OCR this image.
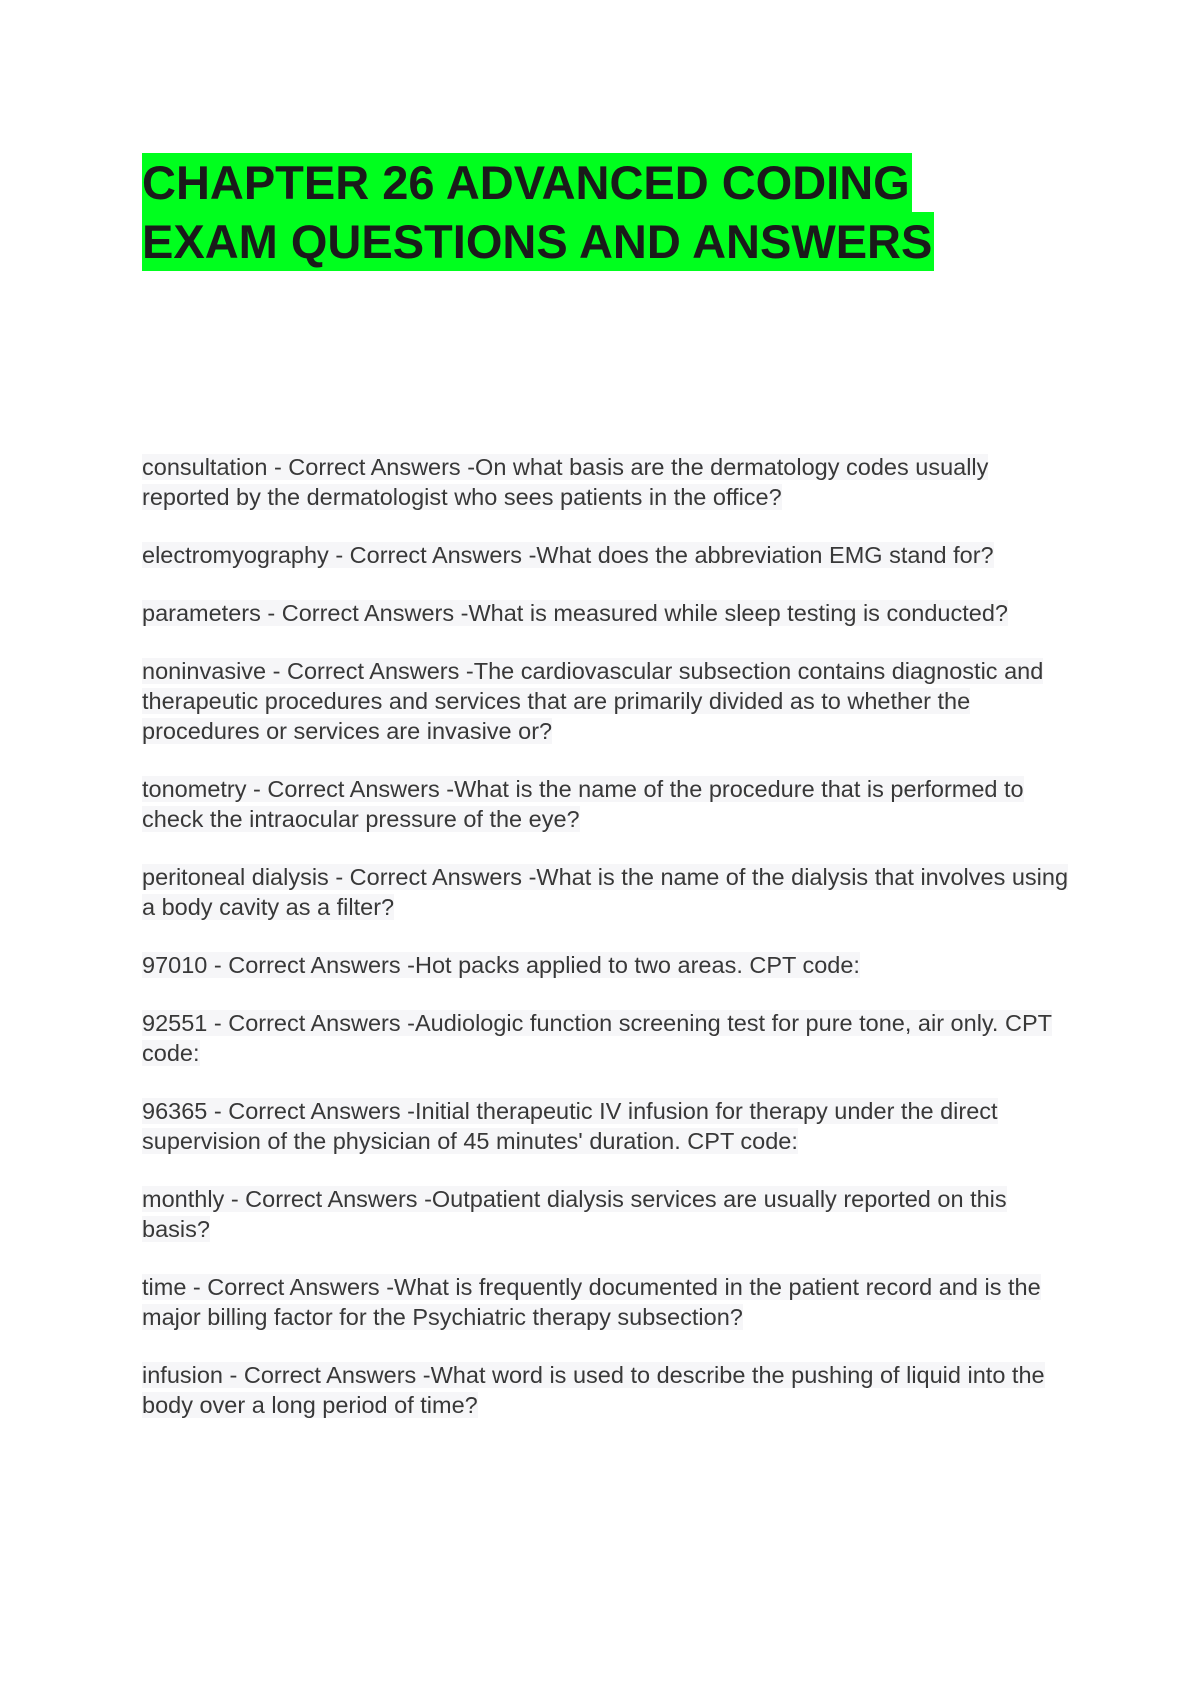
CHAPTER 26 ADVANCED CODING
EXAM QUESTIONS AND ANSWERS

consultation - Correct Answers -On what basis are the dermatology codes usually reported by the dermatologist who sees patients in the office?

electromyography - Correct Answers -What does the abbreviation EMG stand for?

parameters - Correct Answers -What is measured while sleep testing is conducted?

noninvasive - Correct Answers -The cardiovascular subsection contains diagnostic and therapeutic procedures and services that are primarily divided as to whether the procedures or services are invasive or?

tonometry - Correct Answers -What is the name of the procedure that is performed to check the intraocular pressure of the eye?

peritoneal dialysis - Correct Answers -What is the name of the dialysis that involves using a body cavity as a filter?

97010 - Correct Answers -Hot packs applied to two areas. CPT code:

92551 - Correct Answers -Audiologic function screening test for pure tone, air only. CPT code:

96365 - Correct Answers -Initial therapeutic IV infusion for therapy under the direct supervision of the physician of 45 minutes' duration. CPT code:

monthly - Correct Answers -Outpatient dialysis services are usually reported on this basis?

time - Correct Answers -What is frequently documented in the patient record and is the major billing factor for the Psychiatric therapy subsection?

infusion - Correct Answers -What word is used to describe the pushing of liquid into the body over a long period of time?
